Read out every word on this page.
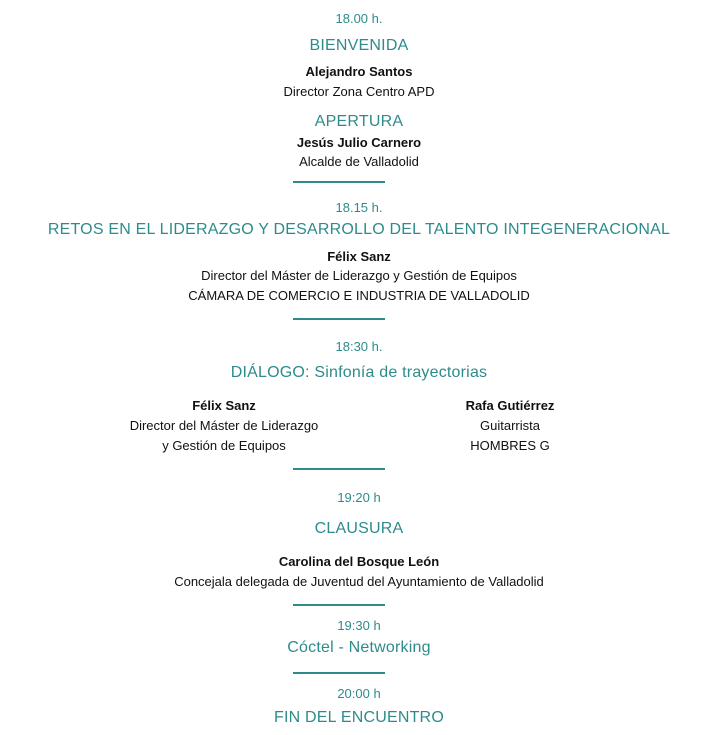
18.00 h.
BIENVENIDA
Alejandro Santos
Director Zona Centro APD
APERTURA
Jesús Julio Carnero
Alcalde de Valladolid
18.15 h.
RETOS EN EL LIDERAZGO Y DESARROLLO DEL TALENTO INTEGENERACIONAL
Félix Sanz
Director del Máster de Liderazgo y Gestión de Equipos
CÁMARA DE COMERCIO E INDUSTRIA DE VALLADOLID
18:30 h.
DIÁLOGO: Sinfonía de trayectorias
Félix Sanz
Director del Máster de Liderazgo
y Gestión de Equipos
Rafa Gutiérrez
Guitarrista
HOMBRES G
19:20 h
CLAUSURA
Carolina del Bosque León
Concejala delegada de Juventud del Ayuntamiento de Valladolid
19:30 h
Cóctel - Networking
20:00 h
FIN DEL ENCUENTRO
